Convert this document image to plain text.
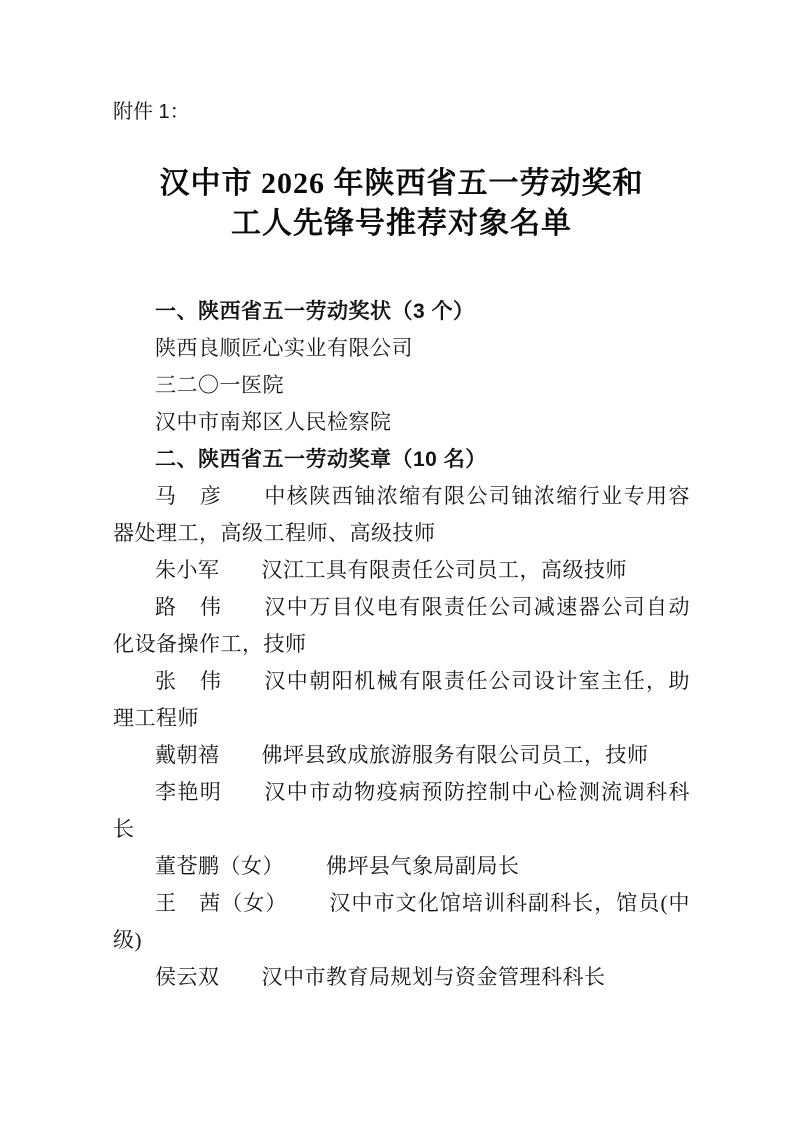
附件 1：
汉中市 2026 年陕西省五一劳动奖和
工人先锋号推荐对象名单

一、陕西省五一劳动奖状（3 个）

陕西良顺匠心实业有限公司

三二〇一医院

汉中市南郑区人民检察院

二、陕西省五一劳动奖章（10 名）

马　彦 中核陕西铀浓缩有限公司铀浓缩行业专用容器处理工，高级工程师、高级技师

朱小军 汉江工具有限责任公司员工，高级技师

路　伟 汉中万目仪电有限责任公司减速器公司自动化设备操作工，技师

张　伟 汉中朝阳机械有限责任公司设计室主任，助理工程师

戴朝禧 佛坪县致成旅游服务有限公司员工，技师

李艳明 汉中市动物疫病预防控制中心检测流调科科长

董苍鹏（女） 佛坪县气象局副局长

王　茜（女） 汉中市文化馆培训科副科长，馆员(中级)

侯云双 汉中市教育局规划与资金管理科科长
